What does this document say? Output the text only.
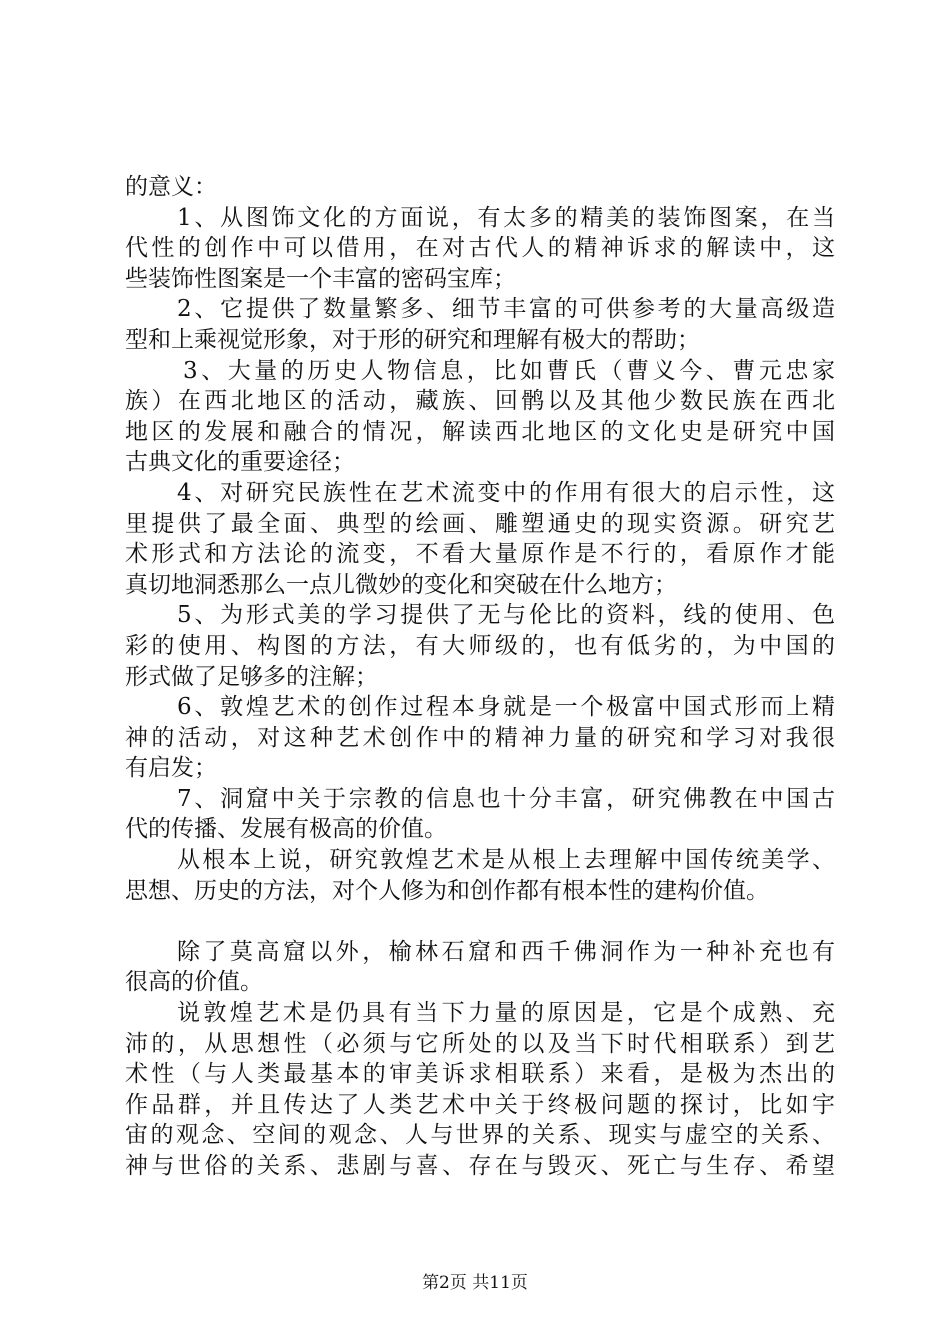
的意义：
1、从图饰文化的方面说，有太多的精美的装饰图案，在当
代性的创作中可以借用，在对古代人的精神诉求的解读中，这
些装饰性图案是一个丰富的密码宝库；
2、它提供了数量繁多、细节丰富的可供参考的大量高级造
型和上乘视觉形象，对于形的研究和理解有极大的帮助；
3、大量的历史人物信息，比如曹氏（曹义今、曹元忠家
族）在西北地区的活动，藏族、回鹘以及其他少数民族在西北
地区的发展和融合的情况，解读西北地区的文化史是研究中国
古典文化的重要途径；
4、对研究民族性在艺术流变中的作用有很大的启示性，这
里提供了最全面、典型的绘画、雕塑通史的现实资源。研究艺
术形式和方法论的流变，不看大量原作是不行的，看原作才能
真切地洞悉那么一点儿微妙的变化和突破在什么地方；
5、为形式美的学习提供了无与伦比的资料，线的使用、色
彩的使用、构图的方法，有大师级的，也有低劣的，为中国的
形式做了足够多的注解；
6、敦煌艺术的创作过程本身就是一个极富中国式形而上精
神的活动，对这种艺术创作中的精神力量的研究和学习对我很
有启发；
7、洞窟中关于宗教的信息也十分丰富，研究佛教在中国古
代的传播、发展有极高的价值。
从根本上说，研究敦煌艺术是从根上去理解中国传统美学、
思想、历史的方法，对个人修为和创作都有根本性的建构价值。
除了莫高窟以外，榆林石窟和西千佛洞作为一种补充也有
很高的价值。
说敦煌艺术是仍具有当下力量的原因是，它是个成熟、充
沛的，从思想性（必须与它所处的以及当下时代相联系）到艺
术性（与人类最基本的审美诉求相联系）来看，是极为杰出的
作品群，并且传达了人类艺术中关于终极问题的探讨，比如宇
宙的观念、空间的观念、人与世界的关系、现实与虚空的关系、
神与世俗的关系、悲剧与喜、存在与毁灭、死亡与生存、希望
第2页 共11页
